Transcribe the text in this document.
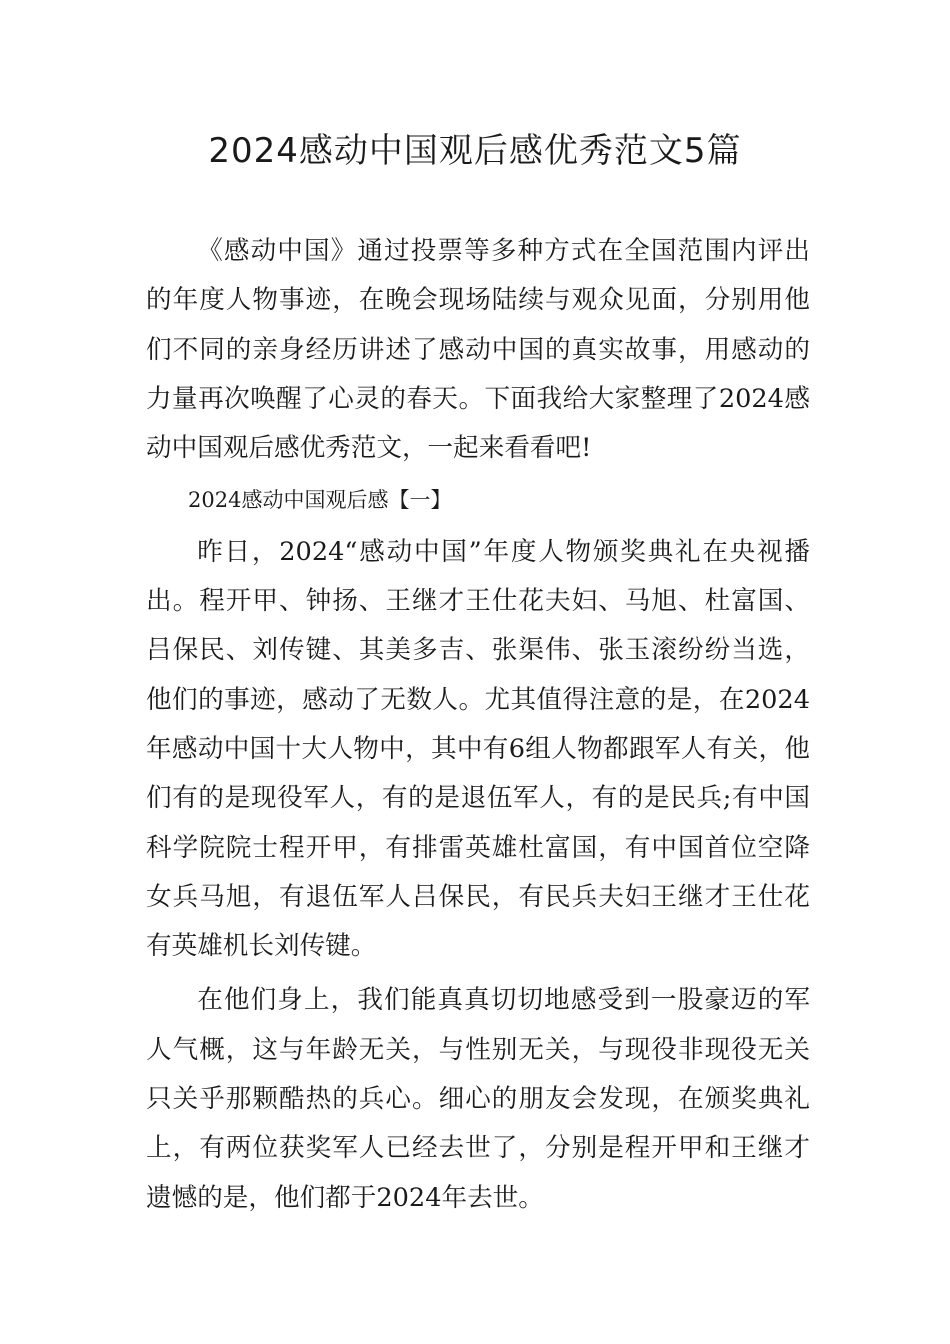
2024感动中国观后感优秀范文5篇

《感动中国》通过投票等多种方式在全国范围内评出的年度人物事迹，在晚会现场陆续与观众见面，分别用他们不同的亲身经历讲述了感动中国的真实故事，用感动的力量再次唤醒了心灵的春天。下面我给大家整理了2024感动中国观后感优秀范文，一起来看看吧!

2024感动中国观后感【一】

昨日，2024“感动中国”年度人物颁奖典礼在央视播出。程开甲、钟扬、王继才王仕花夫妇、马旭、杜富国、吕保民、刘传键、其美多吉、张渠伟、张玉滚纷纷当选，他们的事迹，感动了无数人。尤其值得注意的是，在2024年感动中国十大人物中，其中有6组人物都跟军人有关，他们有的是现役军人，有的是退伍军人，有的是民兵;有中国科学院院士程开甲，有排雷英雄杜富国，有中国首位空降女兵马旭，有退伍军人吕保民，有民兵夫妇王继才王仕花有英雄机长刘传键。

在他们身上，我们能真真切切地感受到一股豪迈的军人气概，这与年龄无关，与性别无关，与现役非现役无关只关乎那颗酷热的兵心。细心的朋友会发现，在颁奖典礼上，有两位获奖军人已经去世了，分别是程开甲和王继才遗憾的是，他们都于2024年去世。
